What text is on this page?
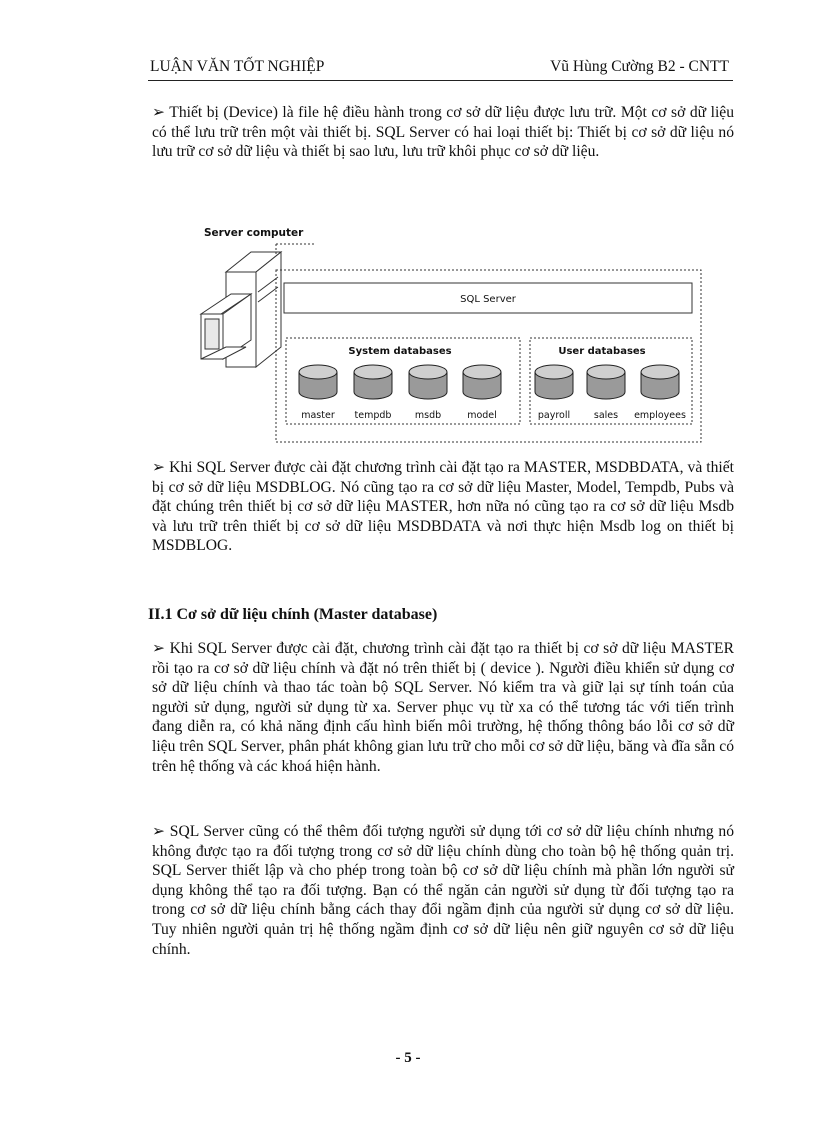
LUẬN VĂN TỐT NGHIỆP	Vũ Hùng Cường B2 - CNTT

➢ Thiết bị (Device) là file hệ điều hành trong cơ sở dữ liệu được lưu trữ. Một cơ sở dữ liệu có thể lưu trữ trên một vài thiết bị. SQL Server có hai loại thiết bị: Thiết bị cơ sở dữ liệu nó lưu trữ cơ sở dữ liệu và thiết bị sao lưu, lưu trữ khôi phục cơ sở dữ liệu.

Server computer
SQL Server
System databases	User databases
master tempdb msdb	model	payroll	sales employees

➢ Khi SQL Server được cài đặt chương trình cài đặt tạo ra MASTER, MSDBDATA, và thiết bị cơ sở dữ liệu MSDBLOG. Nó cũng tạo ra cơ sở dữ liệu Master, Model, Tempdb, Pubs và đặt chúng trên thiết bị cơ sở dữ liệu MASTER, hơn nữa nó cũng tạo ra cơ sở dữ liệu Msdb và lưu trữ trên thiết bị cơ sở dữ liệu MSDBDATA và nơi thực hiện Msdb log on thiết bị MSDBLOG.

II.1 Cơ sở dữ liệu chính (Master database)

➢ Khi SQL Server được cài đặt, chương trình cài đặt tạo ra thiết bị cơ sở dữ liệu MASTER rồi tạo ra cơ sở dữ liệu chính và đặt nó trên thiết bị ( device ). Người điều khiển sử dụng cơ sở dữ liệu chính và thao tác toàn bộ SQL Server. Nó kiểm tra và giữ lại sự tính toán của người sử dụng, người sử dụng từ xa. Server phục vụ từ xa có thể tương tác với tiến trình đang diễn ra, có khả năng định cấu hình biến môi trường, hệ thống thông báo lỗi cơ sở dữ liệu trên SQL Server, phân phát không gian lưu trữ cho mỗi cơ sở dữ liệu, băng và đĩa sẵn có trên hệ thống và các khoá hiện hành.

➢ SQL Server cũng có thể thêm đối tượng người sử dụng tới cơ sở dữ liệu chính nhưng nó không được tạo ra đối tượng trong cơ sở dữ liệu chính dùng cho toàn bộ hệ thống quản trị. SQL Server thiết lập và cho phép trong toàn bộ cơ sở dữ liệu chính mà phần lớn người sử dụng không thể tạo ra đối tượng. Bạn có thể ngăn cản người sử dụng từ đối tượng tạo ra trong cơ sở dữ liệu chính bằng cách thay đổi ngầm định của người sử dụng cơ sở dữ liệu. Tuy nhiên người quản trị hệ thống ngầm định cơ sở dữ liệu nên giữ nguyên cơ sở dữ liệu chính.

- 5 -
